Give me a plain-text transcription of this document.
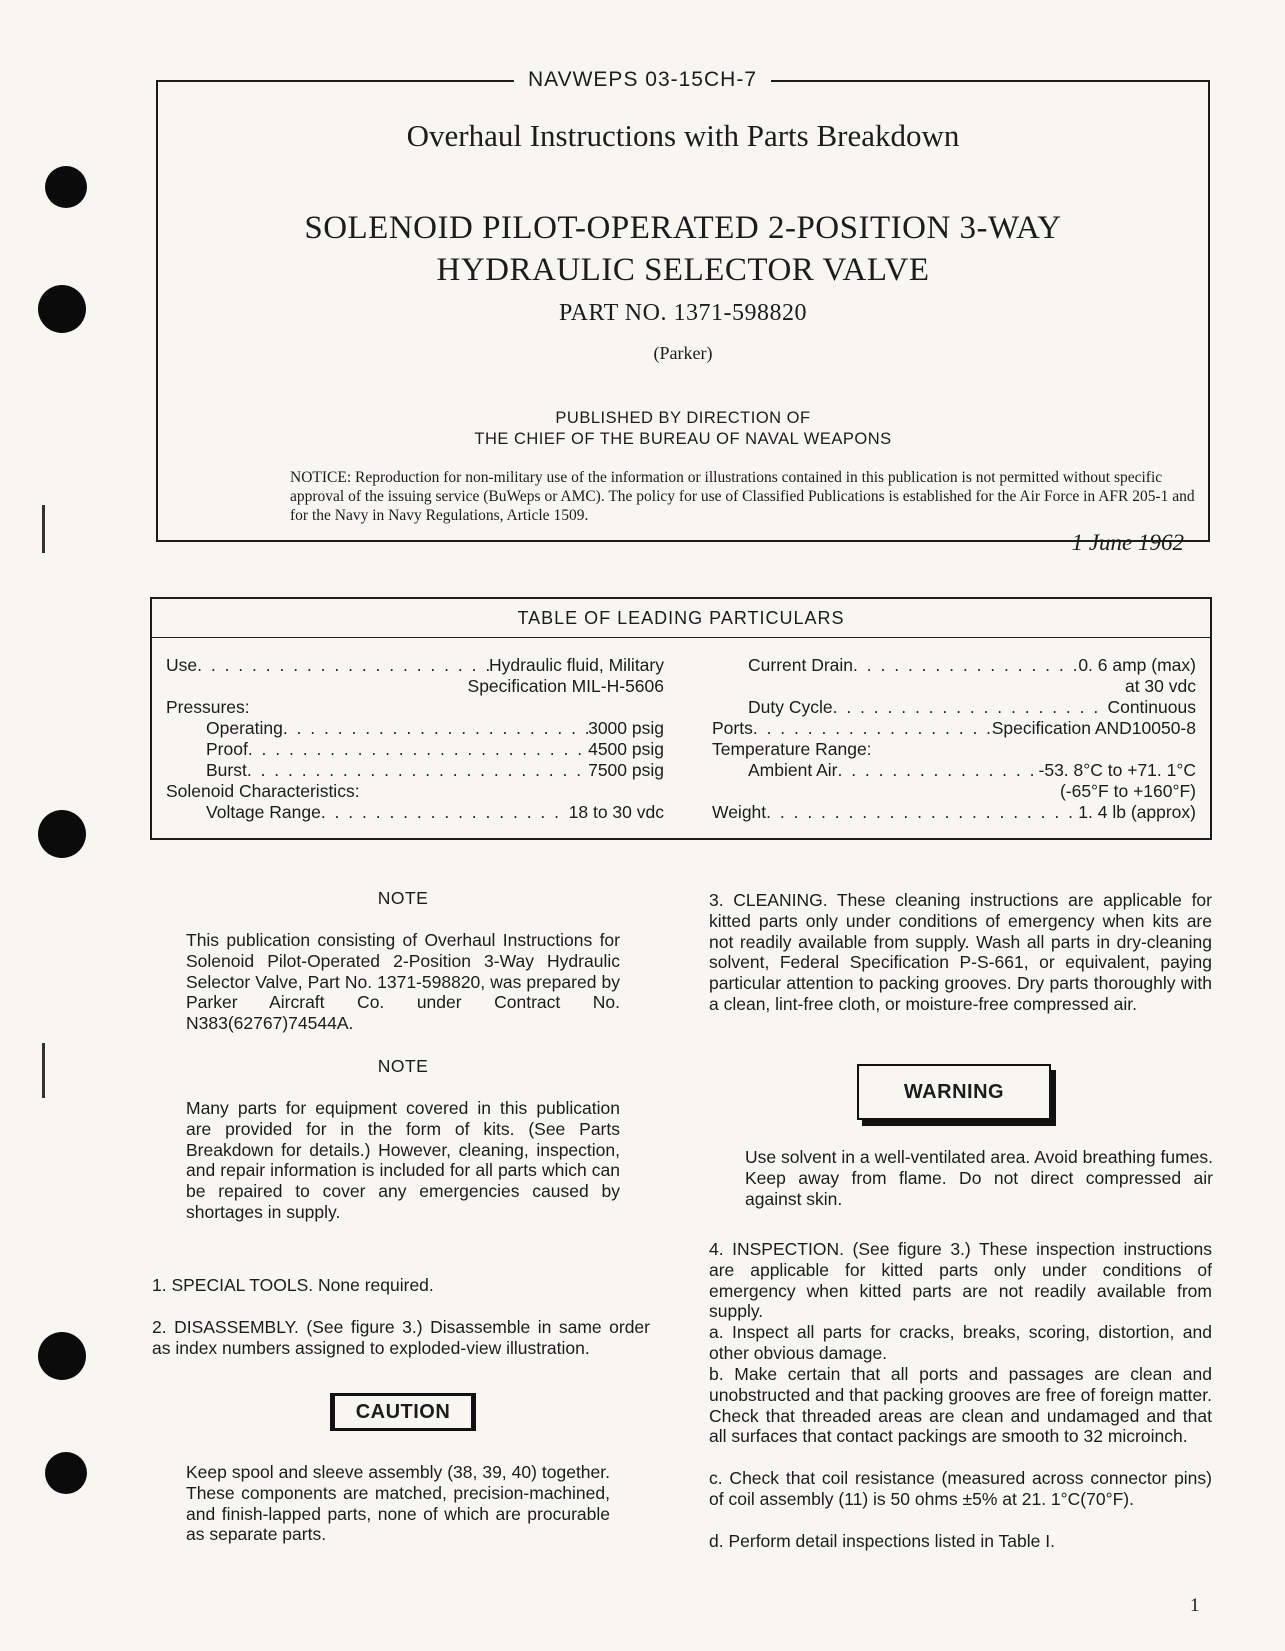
NAVWEPS 03-15CH-7
Overhaul Instructions with Parts Breakdown
SOLENOID PILOT-OPERATED 2-POSITION 3-WAY
HYDRAULIC SELECTOR VALVE
PART NO. 1371-598820
(Parker)
PUBLISHED BY DIRECTION OF
THE CHIEF OF THE BUREAU OF NAVAL WEAPONS
NOTICE: Reproduction for non-military use of the information or illustrations contained in this publication is not permitted without specific approval of the issuing service (BuWeps or AMC). The policy for use of Classified Publications is established for the Air Force in AFR 205-1 and for the Navy in Navy Regulations, Article 1509.
1 June 1962
TABLE OF LEADING PARTICULARS
Use . . .	Hydraulic fluid, Military
Specification MIL-H-5606
Pressures:
Operating . . .	3000 psig
Proof . . .	4500 psig
Burst . . .	7500 psig
Solenoid Characteristics:
Voltage Range . . .	18 to 30 vdc
Current Drain . . .	0. 6 amp (max)
at 30 vdc
Duty Cycle . . .	Continuous
Ports . . .	Specification AND10050-8
Temperature Range:
Ambient Air . . .	-53. 8°C to +71. 1°C
(-65°F to +160°F)
Weight . . .	1. 4 lb (approx)
NOTE
This publication consisting of Overhaul Instructions for Solenoid Pilot-Operated 2-Position 3-Way Hydraulic Selector Valve, Part No. 1371-598820, was prepared by Parker Aircraft Co. under Contract No. N383(62767)74544A.
NOTE
Many parts for equipment covered in this publication are provided for in the form of kits. (See Parts Breakdown for details.) However, cleaning, inspection, and repair information is included for all parts which can be repaired to cover any emergencies caused by shortages in supply.

1. SPECIAL TOOLS. None required.

2. DISASSEMBLY. (See figure 3.) Disassemble in same order as index numbers assigned to exploded-view illustration.

CAUTION
Keep spool and sleeve assembly (38, 39, 40) together. These components are matched, precision-machined, and finish-lapped parts, none of which are procurable as separate parts.

3. CLEANING. These cleaning instructions are applicable for kitted parts only under conditions of emergency when kits are not readily available from supply. Wash all parts in dry-cleaning solvent, Federal Specification P-S-661, or equivalent, paying particular attention to packing grooves. Dry parts thoroughly with a clean, lint-free cloth, or moisture-free compressed air.

WARNING
Use solvent in a well-ventilated area. Avoid breathing fumes. Keep away from flame. Do not direct compressed air against skin.

4. INSPECTION. (See figure 3.) These inspection instructions are applicable for kitted parts only under conditions of emergency when kitted parts are not readily available from supply.

a. Inspect all parts for cracks, breaks, scoring, distortion, and other obvious damage.

b. Make certain that all ports and passages are clean and unobstructed and that packing grooves are free of foreign matter. Check that threaded areas are clean and undamaged and that all surfaces that contact packings are smooth to 32 microinch.

c. Check that coil resistance (measured across connector pins) of coil assembly (11) is 50 ohms ±5% at 21. 1°C(70°F).

d. Perform detail inspections listed in Table I.

1
